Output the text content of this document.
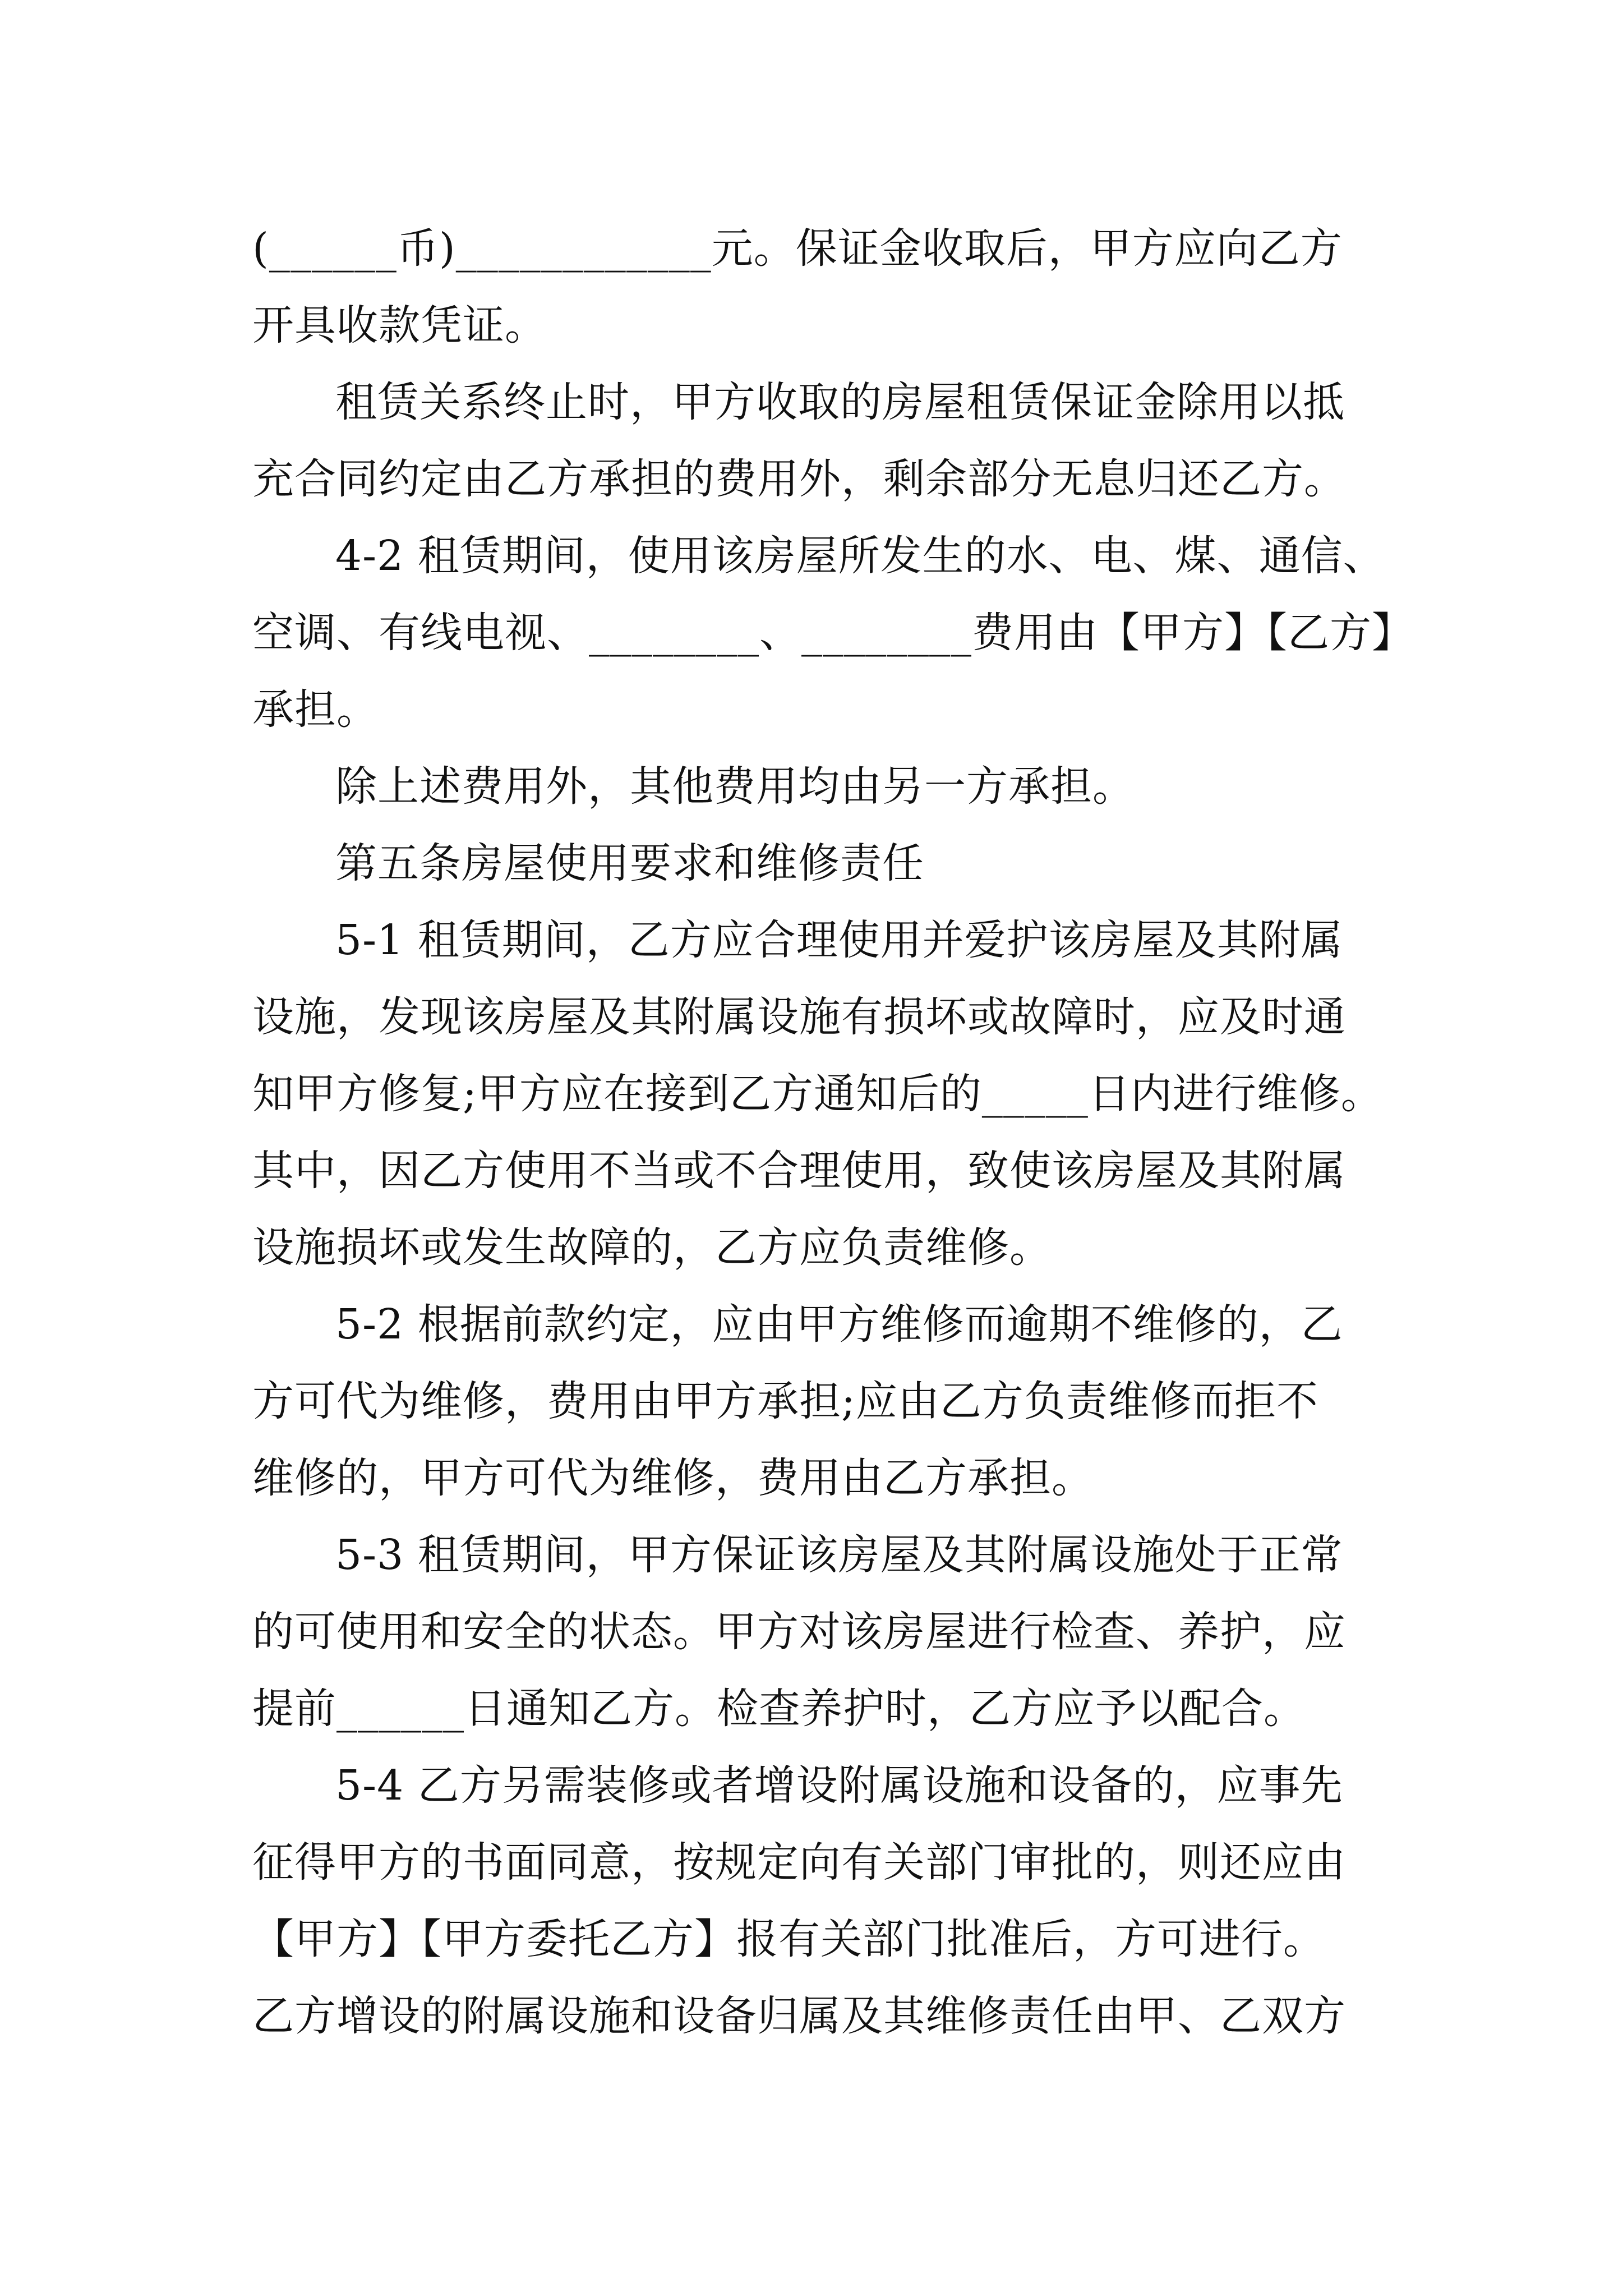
(______币)____________元。保证金收取后，甲方应向乙方
开具收款凭证。
租赁关系终止时，甲方收取的房屋租赁保证金除用以抵
充合同约定由乙方承担的费用外，剩余部分无息归还乙方。
4-2 租赁期间，使用该房屋所发生的水、电、煤、通信、
空调、有线电视、________、________费用由【甲方】【乙方】
承担。
除上述费用外，其他费用均由另一方承担。
第五条房屋使用要求和维修责任
5-1 租赁期间，乙方应合理使用并爱护该房屋及其附属
设施，发现该房屋及其附属设施有损坏或故障时，应及时通
知甲方修复;甲方应在接到乙方通知后的_____日内进行维修。
其中，因乙方使用不当或不合理使用，致使该房屋及其附属
设施损坏或发生故障的，乙方应负责维修。
5-2 根据前款约定，应由甲方维修而逾期不维修的，乙
方可代为维修，费用由甲方承担;应由乙方负责维修而拒不
维修的，甲方可代为维修，费用由乙方承担。
5-3 租赁期间，甲方保证该房屋及其附属设施处于正常
的可使用和安全的状态。甲方对该房屋进行检查、养护，应
提前______日通知乙方。检查养护时，乙方应予以配合。
5-4 乙方另需装修或者增设附属设施和设备的，应事先
征得甲方的书面同意，按规定向有关部门审批的，则还应由
【甲方】【甲方委托乙方】报有关部门批准后，方可进行。
乙方增设的附属设施和设备归属及其维修责任由甲、乙双方
